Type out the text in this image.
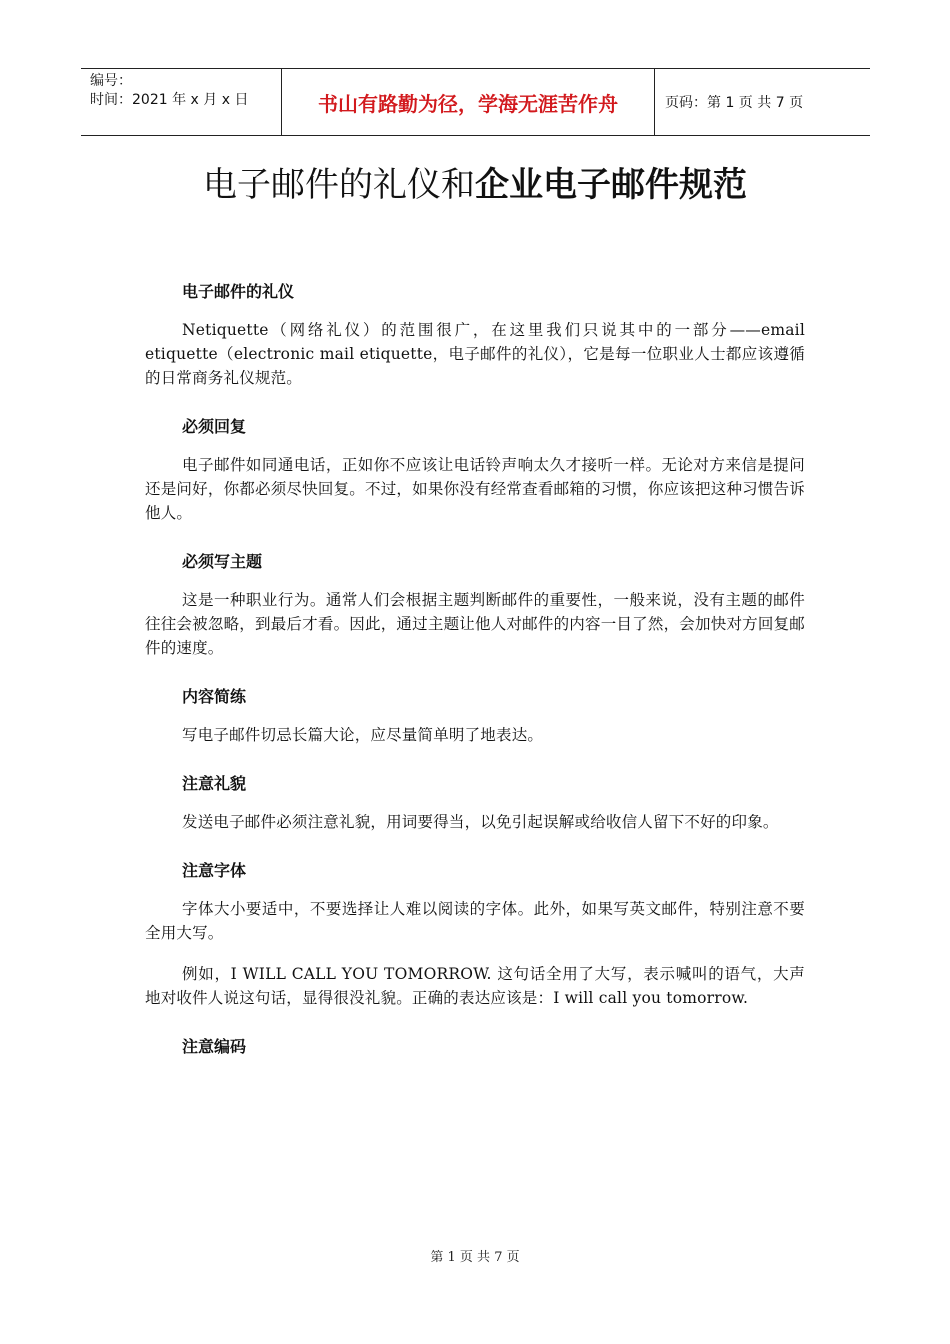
编号：
时间：2021 年 x 月 x 日	书山有路勤为径，学海无涯苦作舟	页码：第 1 页 共 7 页
电子邮件的礼仪和企业电子邮件规范
电子邮件的礼仪

Netiquette（网络礼仪）的范围很广，在这里我们只说其中的一部分——email etiquette（electronic mail etiquette，电子邮件的礼仪），它是每一位职业人士都应该遵循的日常商务礼仪规范。

必须回复

电子邮件如同通电话，正如你不应该让电话铃声响太久才接听一样。无论对方来信是提问还是问好，你都必须尽快回复。不过，如果你没有经常查看邮箱的习惯，你应该把这种习惯告诉他人。

必须写主题

这是一种职业行为。通常人们会根据主题判断邮件的重要性，一般来说，没有主题的邮件往往会被忽略，到最后才看。因此，通过主题让他人对邮件的内容一目了然，会加快对方回复邮件的速度。

内容简练

写电子邮件切忌长篇大论，应尽量简单明了地表达。

注意礼貌

发送电子邮件必须注意礼貌，用词要得当，以免引起误解或给收信人留下不好的印象。

注意字体

字体大小要适中，不要选择让人难以阅读的字体。此外，如果写英文邮件，特别注意不要全用大写。

例如，I WILL CALL YOU TOMORROW. 这句话全用了大写，表示喊叫的语气，大声地对收件人说这句话，显得很没礼貌。正确的表达应该是：I will call you tomorrow.

注意编码
第 1 页 共 7 页
